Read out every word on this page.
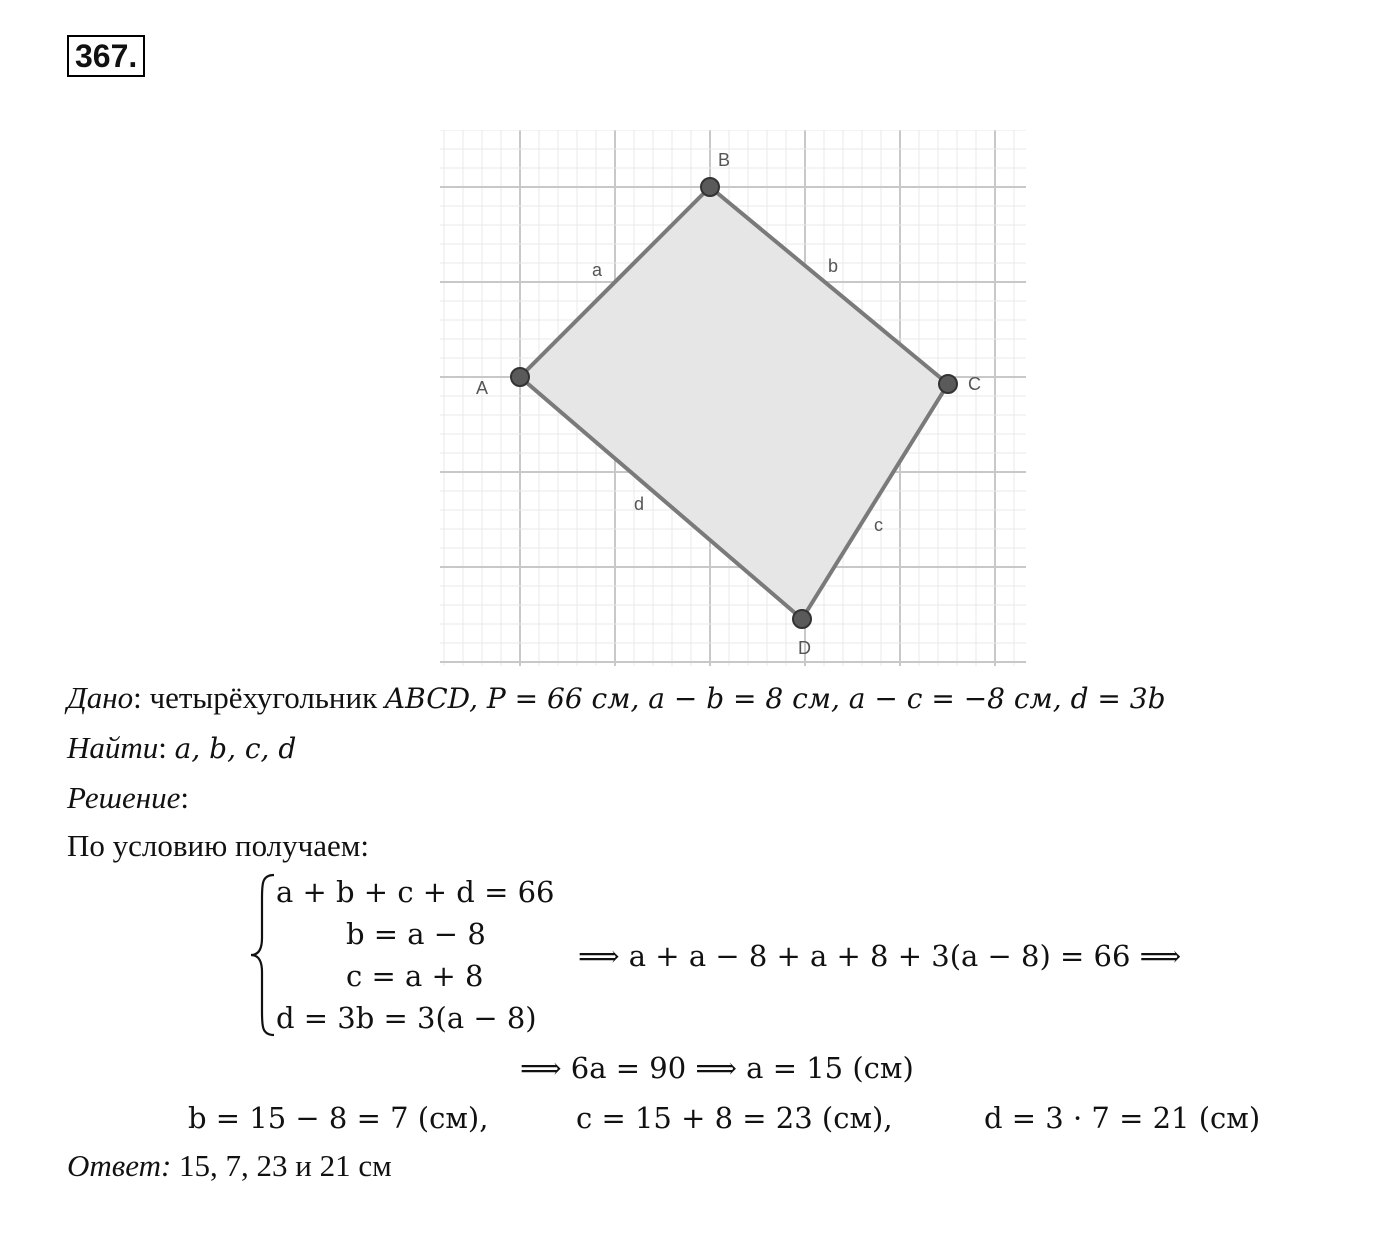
367.
A
B
C
D
a	b
c
d
Дано: четырёхугольник ABCD, P = 66 см, a − b = 8 см, a − c = −8 см, d = 3b
Найти: a, b, c, d
Решение:
По условию получаем:
a + b + c + d = 66
b = a − 8
c = a + 8
d = 3b = 3(a − 8)
⟹ a + a − 8 + a + 8 + 3(a − 8) = 66 ⟹
⟹ 6a = 90 ⟹ a = 15 (см)
b = 15 − 8 = 7 (см),	c = 15 + 8 = 23 (см),	d = 3 · 7 = 21 (см)
Ответ: 15, 7, 23 и 21 см
